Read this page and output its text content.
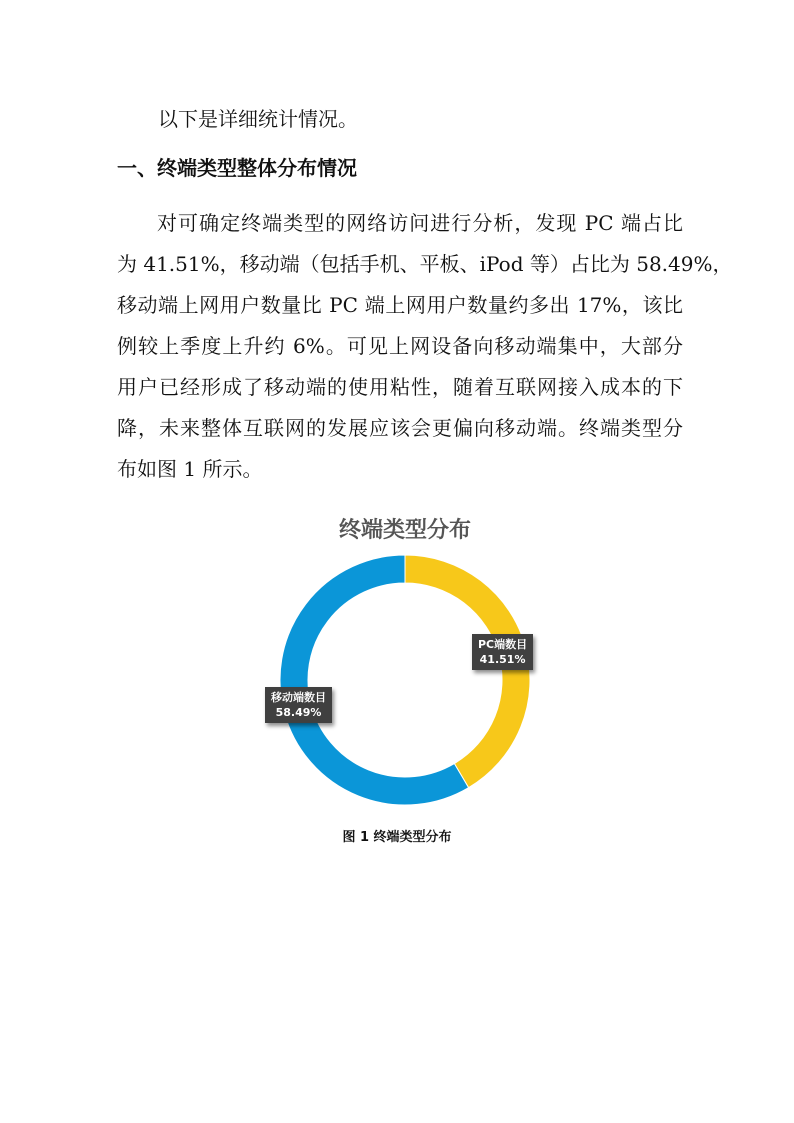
以下是详细统计情况。

一、终端类型整体分布情况

对可确定终端类型的网络访问进行分析，发现 PC 端占比
为 41.51%，移动端（包括手机、平板、iPod 等）占比为 58.49%，
移动端上网用户数量比 PC 端上网用户数量约多出 17%，该比
例较上季度上升约 6%。可见上网设备向移动端集中，大部分
用户已经形成了移动端的使用粘性，随着互联网接入成本的下
降，未来整体互联网的发展应该会更偏向移动端。终端类型分
布如图 1 所示。

终端类型分布
PC端数目
41.51%
移动端数目
58.49%
图 1 终端类型分布
